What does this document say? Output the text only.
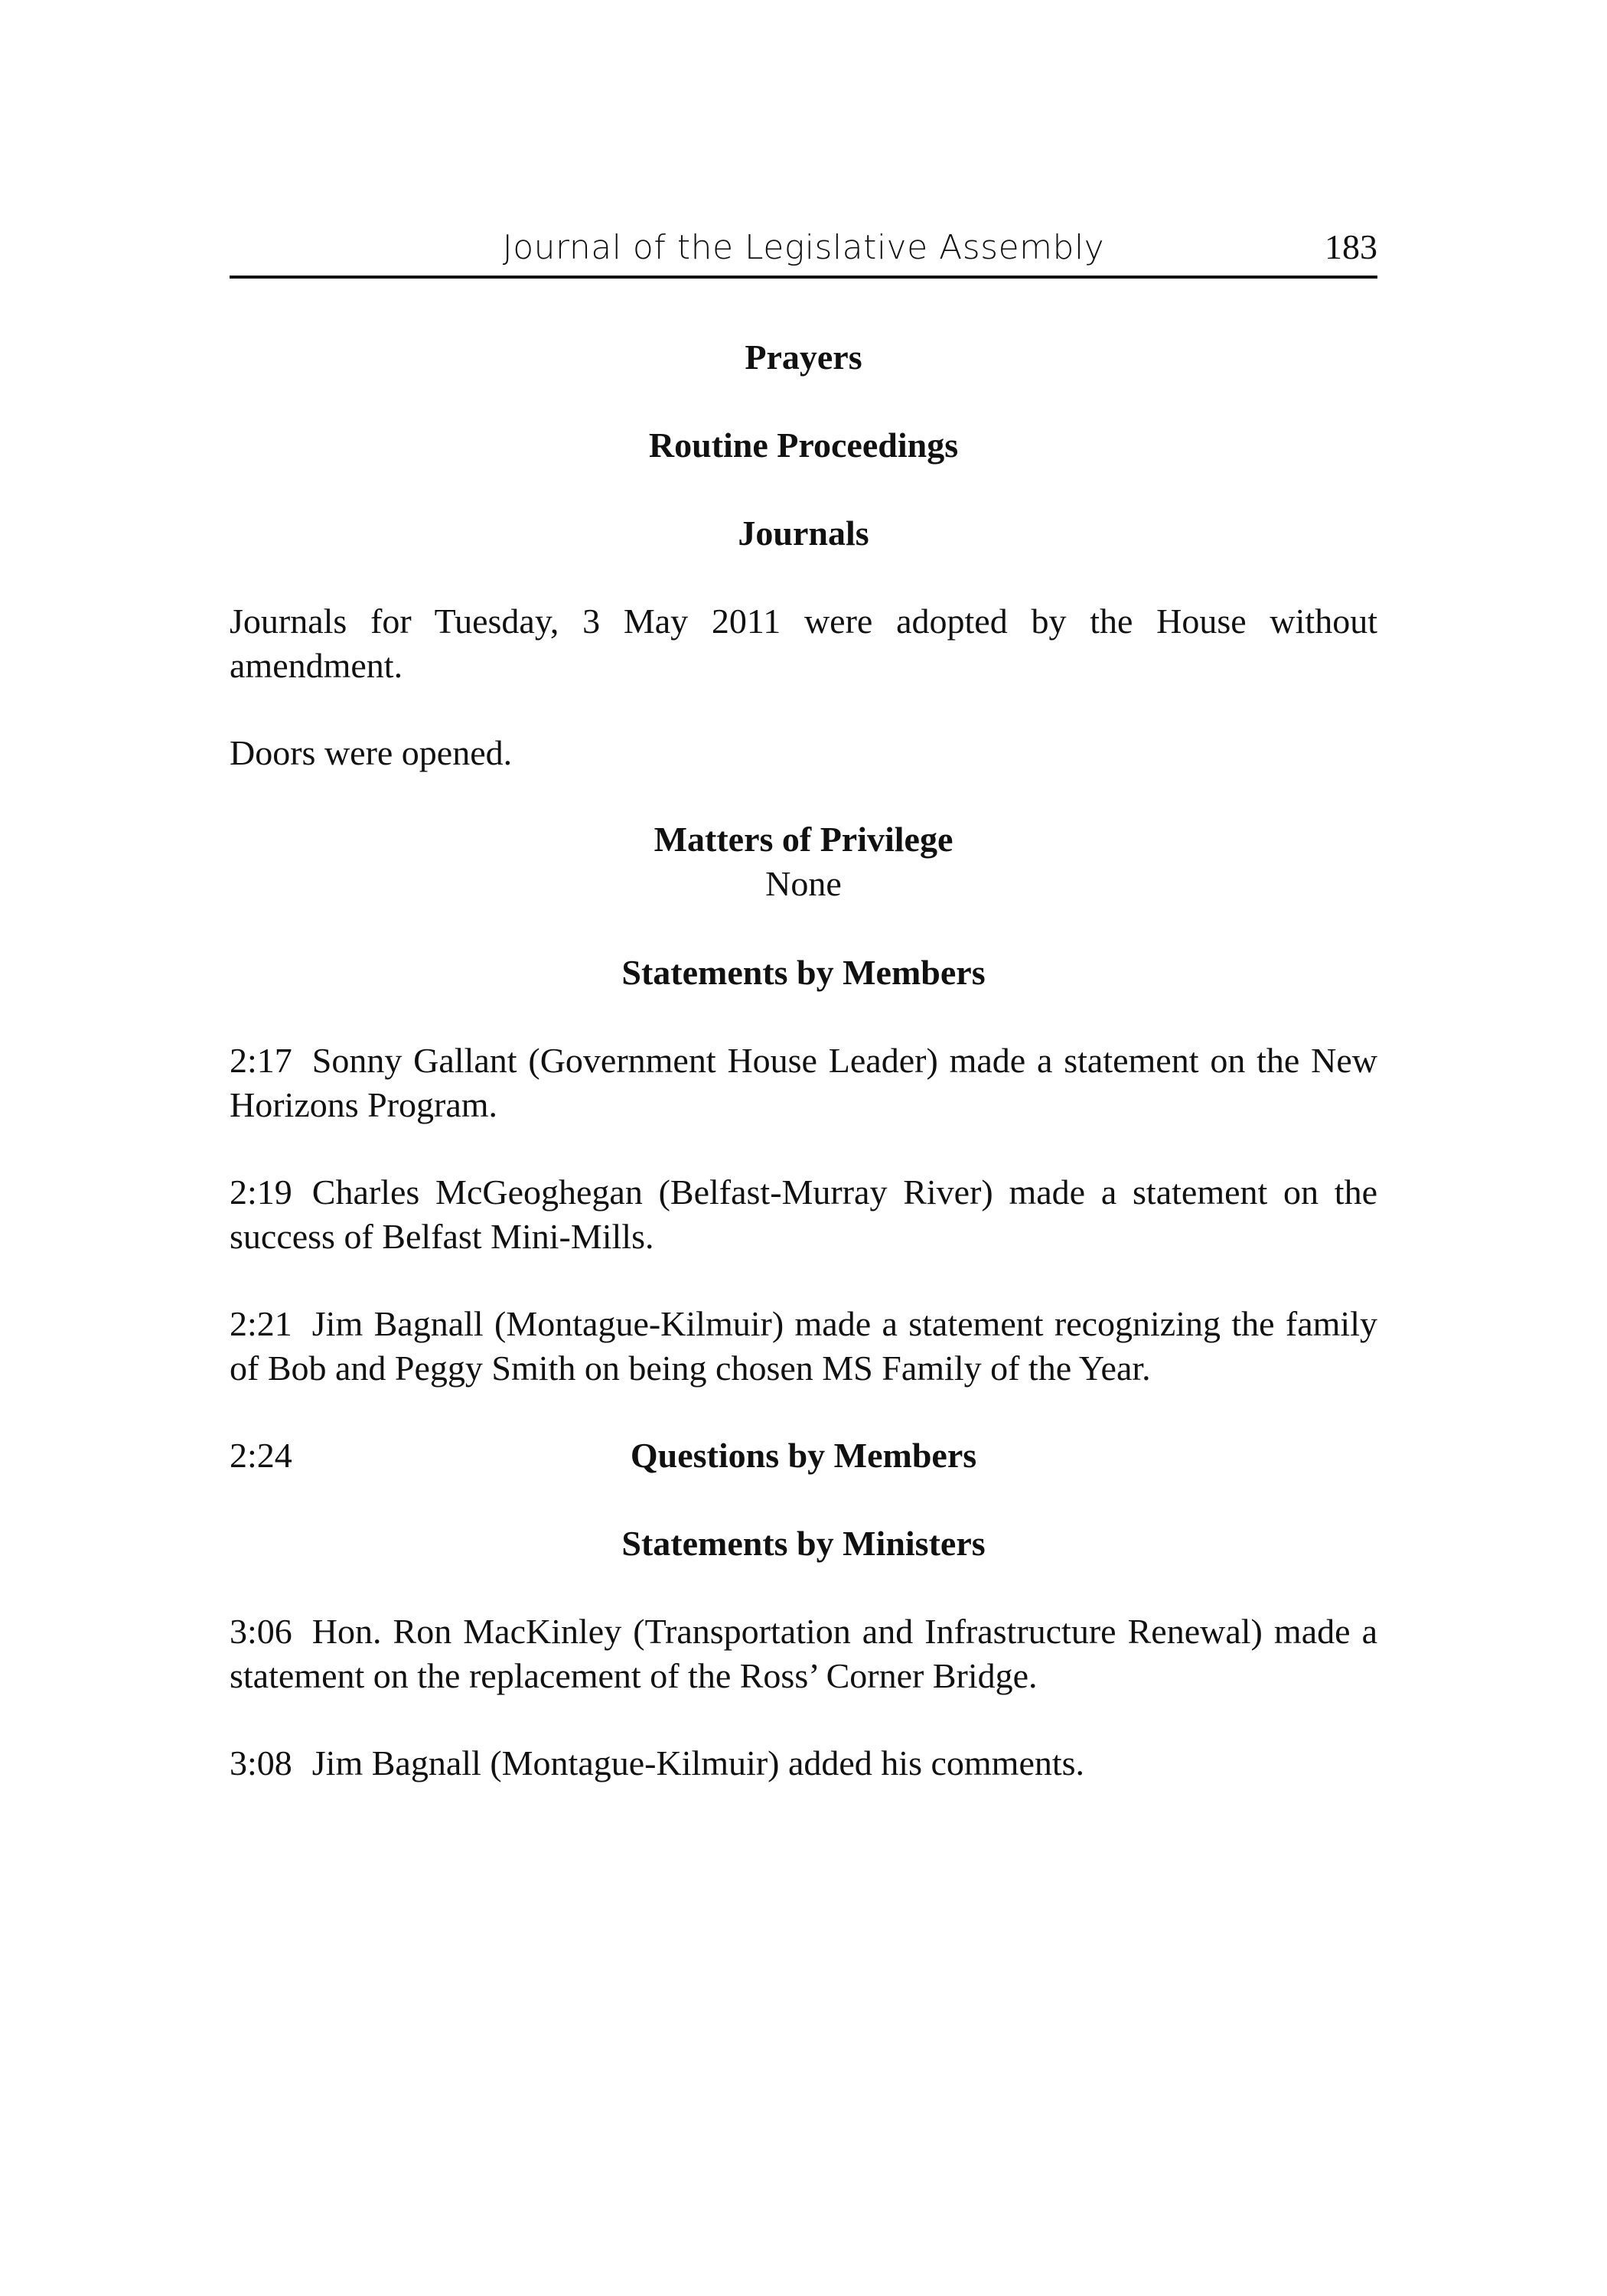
Journal of the Legislative Assembly	183
Prayers
Routine Proceedings
Journals
Journals for Tuesday, 3 May 2011 were adopted by the House without amendment.
Doors were opened.
Matters of Privilege
None
Statements by Members
2:17 Sonny Gallant (Government House Leader) made a statement on the New Horizons Program.
2:19 Charles McGeoghegan (Belfast-Murray River) made a statement on the success of Belfast Mini-Mills.
2:21 Jim Bagnall (Montague-Kilmuir) made a statement recognizing the family of Bob and Peggy Smith on being chosen MS Family of the Year.
2:24	Questions by Members
Statements by Ministers
3:06 Hon. Ron MacKinley (Transportation and Infrastructure Renewal) made a statement on the replacement of the Ross’ Corner Bridge.
3:08 Jim Bagnall (Montague-Kilmuir) added his comments.
